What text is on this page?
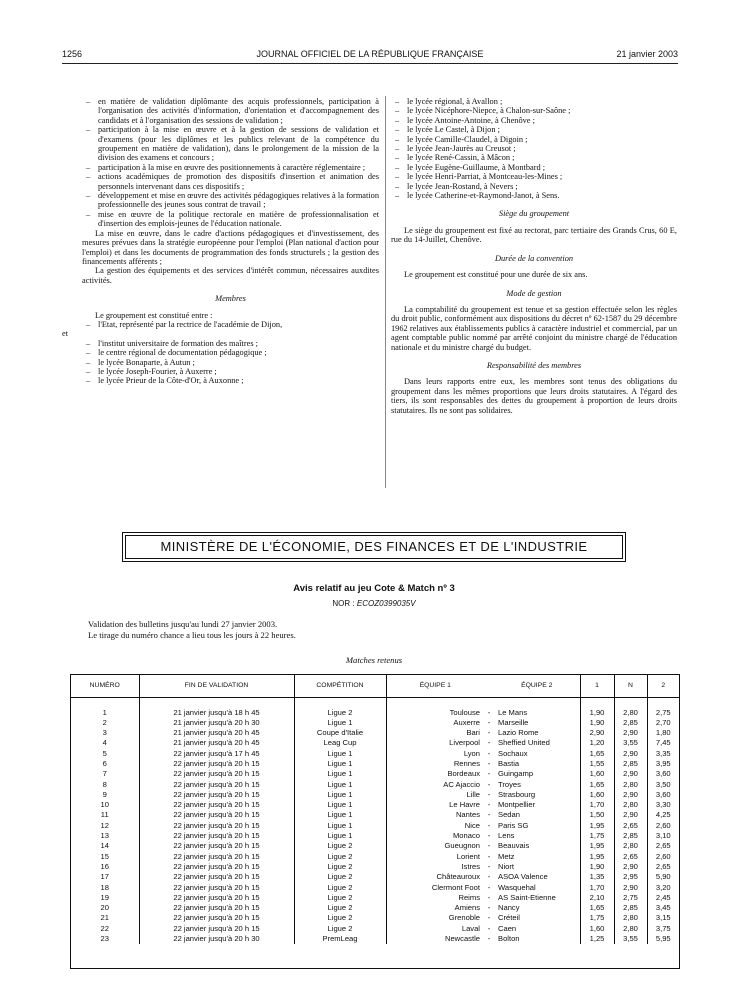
1256	JOURNAL OFFICIEL DE LA RÉPUBLIQUE FRANÇAISE	21 janvier 2003
– en matière de validation diplômante des acquis professionnels, participation à l'organisation des activités d'information, d'orientation et d'accompagnement des candidats et à l'organisation des sessions de validation ;
– participation à la mise en œuvre et à la gestion de sessions de validation et d'examens (pour les diplômes et les publics relevant de la compétence du groupement en matière de validation), dans le prolongement de la mission de la division des examens et concours ;
– participation à la mise en œuvre des positionnements à caractère réglementaire ;
– actions académiques de promotion des dispositifs d'insertion et animation des personnels intervenant dans ces dispositifs ;
– développement et mise en œuvre des activités pédagogiques relatives à la formation professionnelle des jeunes sous contrat de travail ;
– mise en œuvre de la politique rectorale en matière de professionnalisation et d'insertion des emplois-jeunes de l'éducation nationale.

La mise en œuvre, dans le cadre d'actions pédagogiques et d'investissement, des mesures prévues dans la stratégie européenne pour l'emploi (Plan national d'action pour l'emploi) et dans les documents de programmation des fonds structurels ; la gestion des financements afférents ;

La gestion des équipements et des services d'intérêt commun, nécessaires auxdites activités.

Membres

Le groupement est constitué entre :

– l'Etat, représenté par la rectrice de l'académie de Dijon,
et
– l'institut universitaire de formation des maîtres ;
– le centre régional de documentation pédagogique ;
– le lycée Bonaparte, à Autun ;
– le lycée Joseph-Fourier, à Auxerre ;
– le lycée Prieur de la Côte-d'Or, à Auxonne ;
– le lycée régional, à Avallon ;
– le lycée Nicéphore-Niepce, à Chalon-sur-Saône ;
– le lycée Antoine-Antoine, à Chenôve ;
– le lycée Le Castel, à Dijon ;
– le lycée Camille-Claudel, à Digoin ;
– le lycée Jean-Jaurès au Creusot ;
– le lycée René-Cassin, à Mâcon ;
– le lycée Eugène-Guillaume, à Montbard ;
– le lycée Henri-Parriat, à Montceau-les-Mines ;
– le lycée Jean-Rostand, à Nevers ;
– le lycée Catherine-et-Raymond-Janot, à Sens.
Siège du groupement

Le siège du groupement est fixé au rectorat, parc tertiaire des Grands Crus, 60 E, rue du 14-Juillet, Chenôve.

Durée de la convention

Le groupement est constitué pour une durée de six ans.

Mode de gestion

La comptabilité du groupement est tenue et sa gestion effectuée selon les règles du droit public, conformément aux dispositions du décret nº 62-1587 du 29 décembre 1962 relatives aux établissements publics à caractère industriel et commercial, par un agent comptable public nommé par arrêté conjoint du ministre chargé de l'éducation nationale et du ministre chargé du budget.

Responsabilité des membres

Dans leurs rapports entre eux, les membres sont tenus des obligations du groupement dans les mêmes proportions que leurs droits statutaires. A l'égard des tiers, ils sont responsables des dettes du groupement à proportion de leurs droits statutaires. Ils ne sont pas solidaires.

MINISTÈRE DE L'ÉCONOMIE, DES FINANCES ET DE L'INDUSTRIE
Avis relatif au jeu Cote & Match nº 3
NOR : ECOZ0399035V
Validation des bulletins jusqu'au lundi 27 janvier 2003.
Le tirage du numéro chance a lieu tous les jours à 22 heures.
Matches retenus
NUMÉRO	FIN DE VALIDATION	COMPÉTITION	ÉQUIPE 1		ÉQUIPE 2	1	N	2
1	21 janvier jusqu'à 18 h 45	Ligue 2	Toulouse	-	Le Mans	1,90	2,80	2,75
2	21 janvier jusqu'à 20 h 30	Ligue 1	Auxerre	-	Marseille	1,90	2,85	2,70
3	21 janvier jusqu'à 20 h 45	Coupe d'Italie	Bari	-	Lazio Rome	2,90	2,90	1,80
4	21 janvier jusqu'à 20 h 45	Leag Cup	Liverpool	-	Sheffied United	1,20	3,55	7,45
5	22 janvier jusqu'à 17 h 45	Ligue 1	Lyon	-	Sochaux	1,65	2,90	3,35
6	22 janvier jusqu'à 20 h 15	Ligue 1	Rennes	-	Bastia	1,55	2,85	3,95
7	22 janvier jusqu'à 20 h 15	Ligue 1	Bordeaux	-	Guingamp	1,60	2,90	3,60
8	22 janvier jusqu'à 20 h 15	Ligue 1	AC Ajaccio	-	Troyes	1,65	2,80	3,50
9	22 janvier jusqu'à 20 h 15	Ligue 1	Lille	-	Strasbourg	1,60	2,90	3,60
10	22 janvier jusqu'à 20 h 15	Ligue 1	Le Havre	-	Montpellier	1,70	2,80	3,30
11	22 janvier jusqu'à 20 h 15	Ligue 1	Nantes	-	Sedan	1,50	2,90	4,25
12	22 janvier jusqu'à 20 h 15	Ligue 1	Nice	-	Paris SG	1,95	2,65	2,60
13	22 janvier jusqu'à 20 h 15	Ligue 1	Monaco	-	Lens	1,75	2,85	3,10
14	22 janvier jusqu'à 20 h 15	Ligue 2	Gueugnon	-	Beauvais	1,95	2,80	2,65
15	22 janvier jusqu'à 20 h 15	Ligue 2	Lorient	-	Metz	1,95	2,65	2,60
16	22 janvier jusqu'à 20 h 15	Ligue 2	Istres	-	Niort	1,90	2,90	2,65
17	22 janvier jusqu'à 20 h 15	Ligue 2	Châteauroux	-	ASOA Valence	1,35	2,95	5,90
18	22 janvier jusqu'à 20 h 15	Ligue 2	Clermont Foot	-	Wasquehal	1,70	2,90	3,20
19	22 janvier jusqu'à 20 h 15	Ligue 2	Reims	-	AS Saint-Etienne	2,10	2,75	2,45
20	22 janvier jusqu'à 20 h 15	Ligue 2	Amiens	-	Nancy	1,65	2,85	3,45
21	22 janvier jusqu'à 20 h 15	Ligue 2	Grenoble	-	Créteil	1,75	2,80	3,15
22	22 janvier jusqu'à 20 h 15	Ligue 2	Laval	-	Caen	1,60	2,80	3,75
23	22 janvier jusqu'à 20 h 30	PremLeag	Newcastle	-	Bolton	1,25	3,55	5,95
